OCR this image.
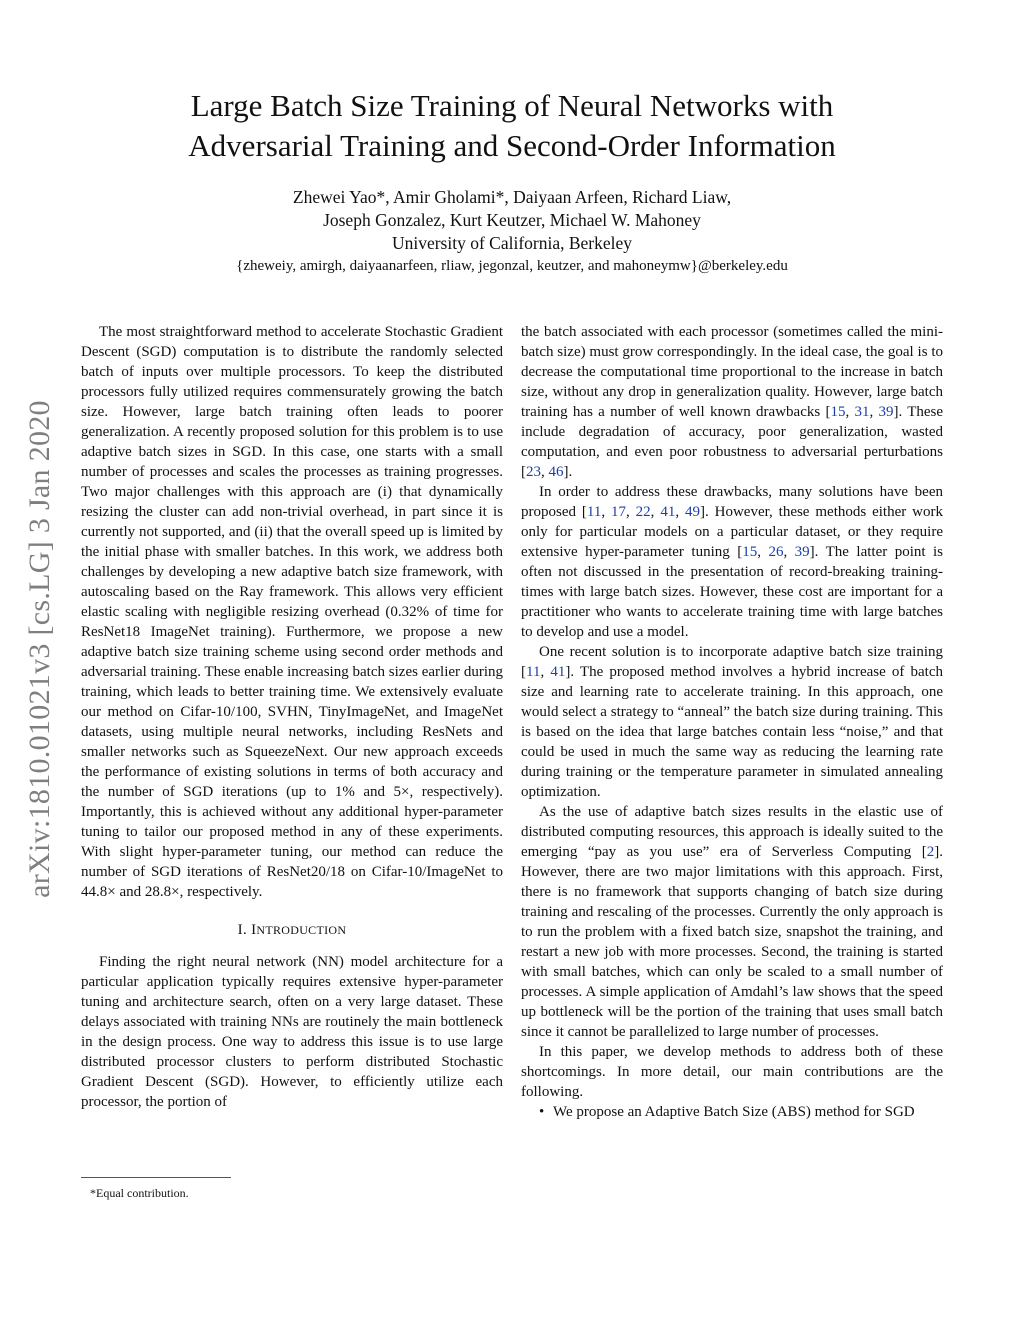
Large Batch Size Training of Neural Networks with
Adversarial Training and Second-Order Information
Zhewei Yao*, Amir Gholami*, Daiyaan Arfeen, Richard Liaw,
Joseph Gonzalez, Kurt Keutzer, Michael W. Mahoney
University of California, Berkeley
{zheweiy, amirgh, daiyaanarfeen, rliaw, jegonzal, keutzer, and mahoneymw}@berkeley.edu
arXiv:1810.01021v3 [cs.LG] 3 Jan 2020

The most straightforward method to accelerate Stochastic Gradient Descent (SGD) computation is to distribute the randomly selected batch of inputs over multiple processors. To keep the distributed processors fully utilized requires commensurately growing the batch size. However, large batch training often leads to poorer generalization. A recently proposed solution for this problem is to use adaptive batch sizes in SGD. In this case, one starts with a small number of processes and scales the processes as training progresses. Two major challenges with this approach are (i) that dynamically resizing the cluster can add non-trivial overhead, in part since it is currently not supported, and (ii) that the overall speed up is limited by the initial phase with smaller batches. In this work, we address both challenges by developing a new adaptive batch size framework, with autoscaling based on the Ray framework. This allows very efficient elastic scaling with negligible resizing overhead (0.32% of time for ResNet18 ImageNet training). Furthermore, we propose a new adaptive batch size training scheme using second order methods and adversarial training. These enable increasing batch sizes earlier during training, which leads to better training time. We extensively evaluate our method on Cifar-10/100, SVHN, TinyImageNet, and ImageNet datasets, using multiple neural networks, including ResNets and smaller networks such as SqueezeNext. Our new approach exceeds the performance of existing solutions in terms of both accuracy and the number of SGD iterations (up to 1% and 5×, respectively). Importantly, this is achieved without any additional hyper-parameter tuning to tailor our proposed method in any of these experiments. With slight hyper-parameter tuning, our method can reduce the number of SGD iterations of ResNet20/18 on Cifar-10/ImageNet to 44.8× and 28.8×, respectively.

I. INTRODUCTION

Finding the right neural network (NN) model architecture for a particular application typically requires extensive hyper-parameter tuning and architecture search, often on a very large dataset. These delays associated with training NNs are routinely the main bottleneck in the design process. One way to address this issue is to use large distributed processor clusters to perform distributed Stochastic Gradient Descent (SGD). However, to efficiently utilize each processor, the portion of

the batch associated with each processor (sometimes called the mini-batch size) must grow correspondingly. In the ideal case, the goal is to decrease the computational time proportional to the increase in batch size, without any drop in generalization quality. However, large batch training has a number of well known drawbacks [15, 31, 39]. These include degradation of accuracy, poor generalization, wasted computation, and even poor robustness to adversarial perturbations [23, 46].

In order to address these drawbacks, many solutions have been proposed [11, 17, 22, 41, 49]. However, these methods either work only for particular models on a particular dataset, or they require extensive hyper-parameter tuning [15, 26, 39]. The latter point is often not discussed in the presentation of record-breaking training-times with large batch sizes. However, these cost are important for a practitioner who wants to accelerate training time with large batches to develop and use a model.

One recent solution is to incorporate adaptive batch size training [11, 41]. The proposed method involves a hybrid increase of batch size and learning rate to accelerate training. In this approach, one would select a strategy to “anneal” the batch size during training. This is based on the idea that large batches contain less “noise,” and that could be used in much the same way as reducing the learning rate during training or the temperature parameter in simulated annealing optimization.

As the use of adaptive batch sizes results in the elastic use of distributed computing resources, this approach is ideally suited to the emerging “pay as you use” era of Serverless Computing [2]. However, there are two major limitations with this approach. First, there is no framework that supports changing of batch size during training and rescaling of the processes. Currently the only approach is to run the problem with a fixed batch size, snapshot the training, and restart a new job with more processes. Second, the training is started with small batches, which can only be scaled to a small number of processes. A simple application of Amdahl’s law shows that the speed up bottleneck will be the portion of the training that uses small batch since it cannot be parallelized to large number of processes.

In this paper, we develop methods to address both of these shortcomings. In more detail, our main contributions are the following.

• We propose an Adaptive Batch Size (ABS) method for SGD

*Equal contribution.
